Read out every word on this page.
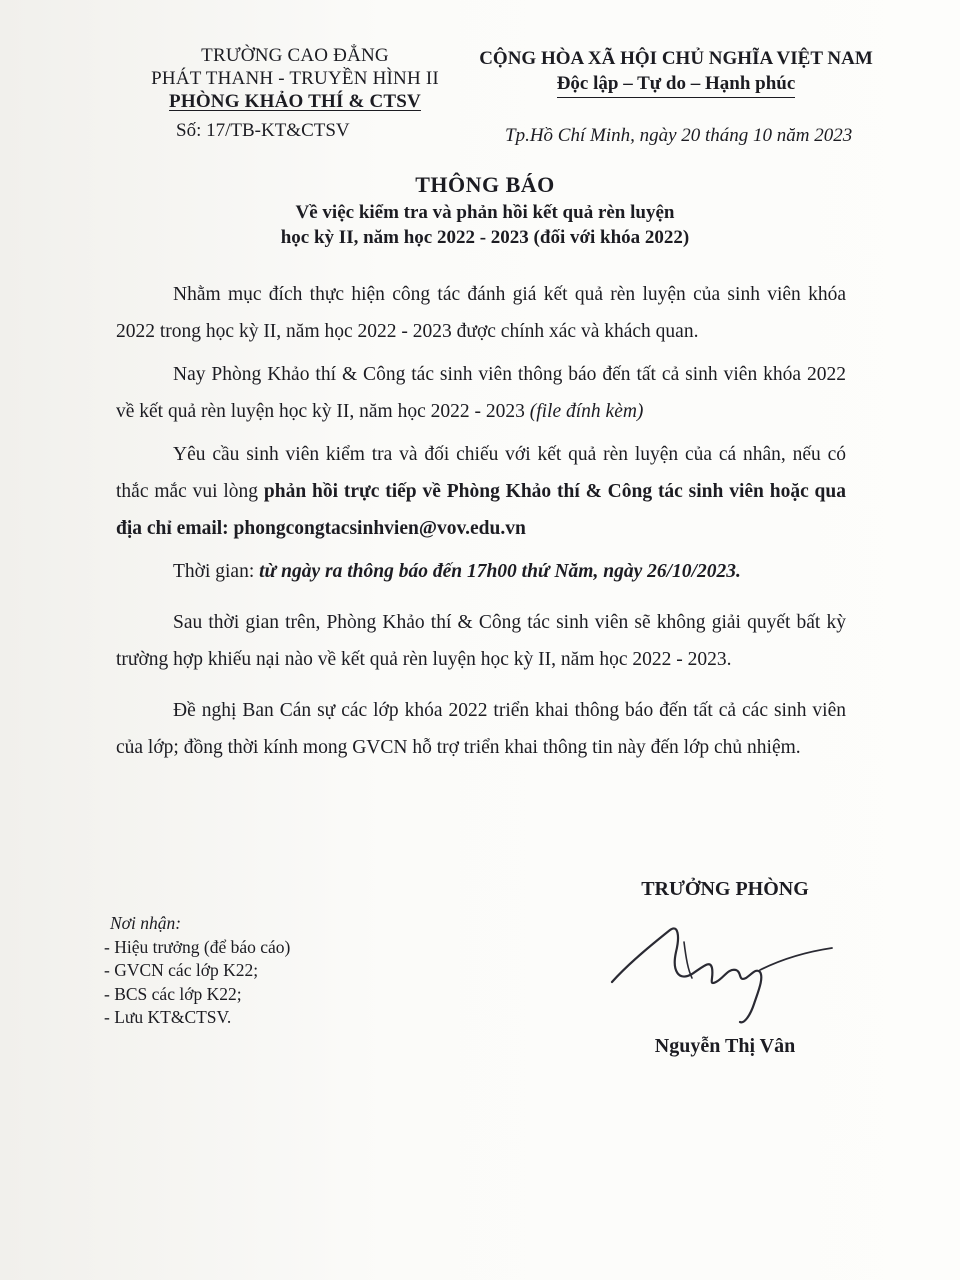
TRƯỜNG CAO ĐẲNG
PHÁT THANH - TRUYỀN HÌNH II
PHÒNG KHẢO THÍ & CTSV
CỘNG HÒA XÃ HỘI CHỦ NGHĨA VIỆT NAM
Độc lập – Tự do – Hạnh phúc
Số: 17/TB-KT&CTSV	Tp.Hồ Chí Minh, ngày 20 tháng 10 năm 2023
THÔNG BÁO
Về việc kiểm tra và phản hồi kết quả rèn luyện
học kỳ II, năm học 2022 - 2023 (đối với khóa 2022)

Nhằm mục đích thực hiện công tác đánh giá kết quả rèn luyện của sinh viên khóa 2022 trong học kỳ II, năm học 2022 - 2023 được chính xác và khách quan.

Nay Phòng Khảo thí & Công tác sinh viên thông báo đến tất cả sinh viên khóa 2022 về kết quả rèn luyện học kỳ II, năm học 2022 - 2023 (file đính kèm)

Yêu cầu sinh viên kiểm tra và đối chiếu với kết quả rèn luyện của cá nhân, nếu có thắc mắc vui lòng phản hồi trực tiếp về Phòng Khảo thí & Công tác sinh viên hoặc qua địa chỉ email: phongcongtacsinhvien@vov.edu.vn

Thời gian: từ ngày ra thông báo đến 17h00 thứ Năm, ngày 26/10/2023.

Sau thời gian trên, Phòng Khảo thí & Công tác sinh viên sẽ không giải quyết bất kỳ trường hợp khiếu nại nào về kết quả rèn luyện học kỳ II, năm học 2022 - 2023.

Đề nghị Ban Cán sự các lớp khóa 2022 triển khai thông báo đến tất cả các sinh viên của lớp; đồng thời kính mong GVCN hỗ trợ triển khai thông tin này đến lớp chủ nhiệm.

TRƯỞNG PHÒNG
Nguyễn Thị Vân
Nơi nhận:
- Hiệu trưởng (để báo cáo)
- GVCN các lớp K22;
- BCS các lớp K22;
- Lưu KT&CTSV.
